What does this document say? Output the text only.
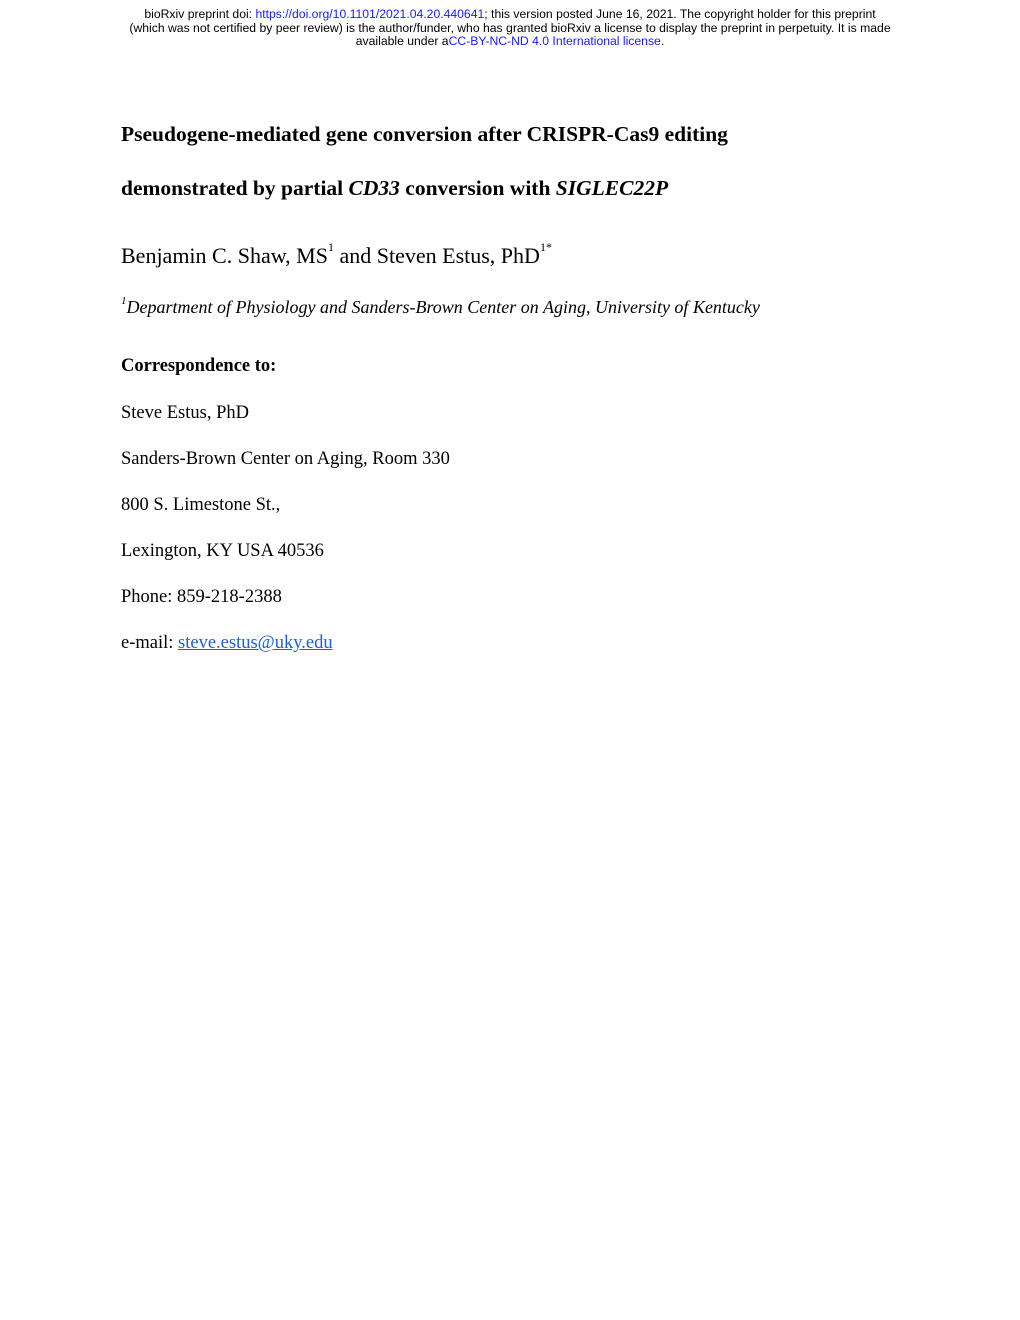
bioRxiv preprint doi: https://doi.org/10.1101/2021.04.20.440641; this version posted June 16, 2021. The copyright holder for this preprint
(which was not certified by peer review) is the author/funder, who has granted bioRxiv a license to display the preprint in perpetuity. It is made
available under aCC-BY-NC-ND 4.0 International license.
Pseudogene-mediated gene conversion after CRISPR-Cas9 editing
demonstrated by partial CD33 conversion with SIGLEC22P
Benjamin C. Shaw, $MS^1$ and Steven Estus, PhD$^{1*}$
$^1$Department of Physiology and Sanders-Brown Center on Aging, University of Kentucky
Correspondence to:
Steve Estus, PhD
Sanders-Brown Center on Aging, Room 330
800 S. Limestone St.,
Lexington, KY USA 40536
Phone: 859-218-2388
e-mail: steve.estus@uky.edu
